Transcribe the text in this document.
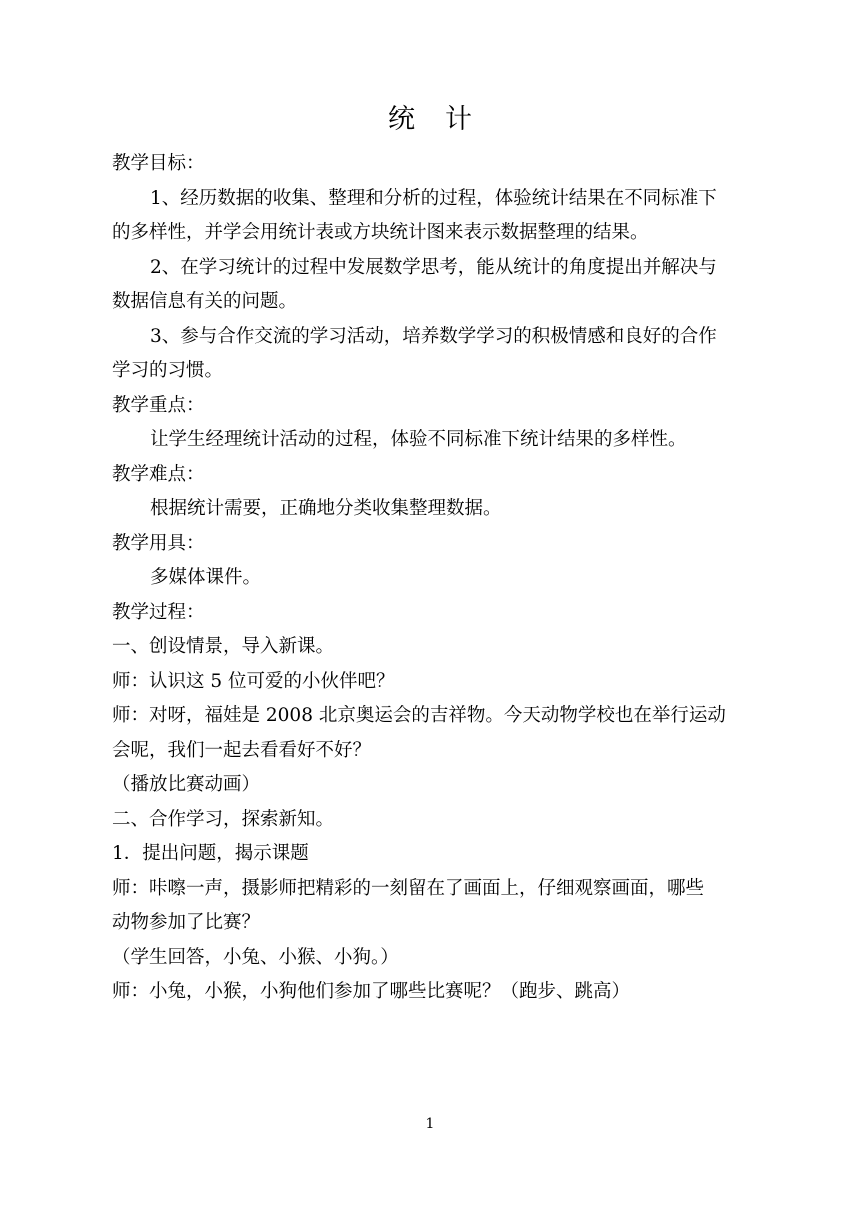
统计
教学目标：
1、经历数据的收集、整理和分析的过程，体验统计结果在不同标准下
的多样性，并学会用统计表或方块统计图来表示数据整理的结果。
2、在学习统计的过程中发展数学思考，能从统计的角度提出并解决与
数据信息有关的问题。
3、参与合作交流的学习活动，培养数学学习的积极情感和良好的合作
学习的习惯。
教学重点：
让学生经理统计活动的过程，体验不同标准下统计结果的多样性。
教学难点：
根据统计需要，正确地分类收集整理数据。
教学用具：
多媒体课件。
教学过程：
一、创设情景，导入新课。
师：认识这 5 位可爱的小伙伴吧？
师：对呀，福娃是 2008 北京奥运会的吉祥物。今天动物学校也在举行运动
会呢，我们一起去看看好不好？
（播放比赛动画）
二、合作学习，探索新知。
1．提出问题，揭示课题
师：咔嚓一声，摄影师把精彩的一刻留在了画面上，仔细观察画面，哪些
动物参加了比赛？
（学生回答，小兔、小猴、小狗。）
师：小兔，小猴，小狗他们参加了哪些比赛呢？（跑步、跳高）
1
